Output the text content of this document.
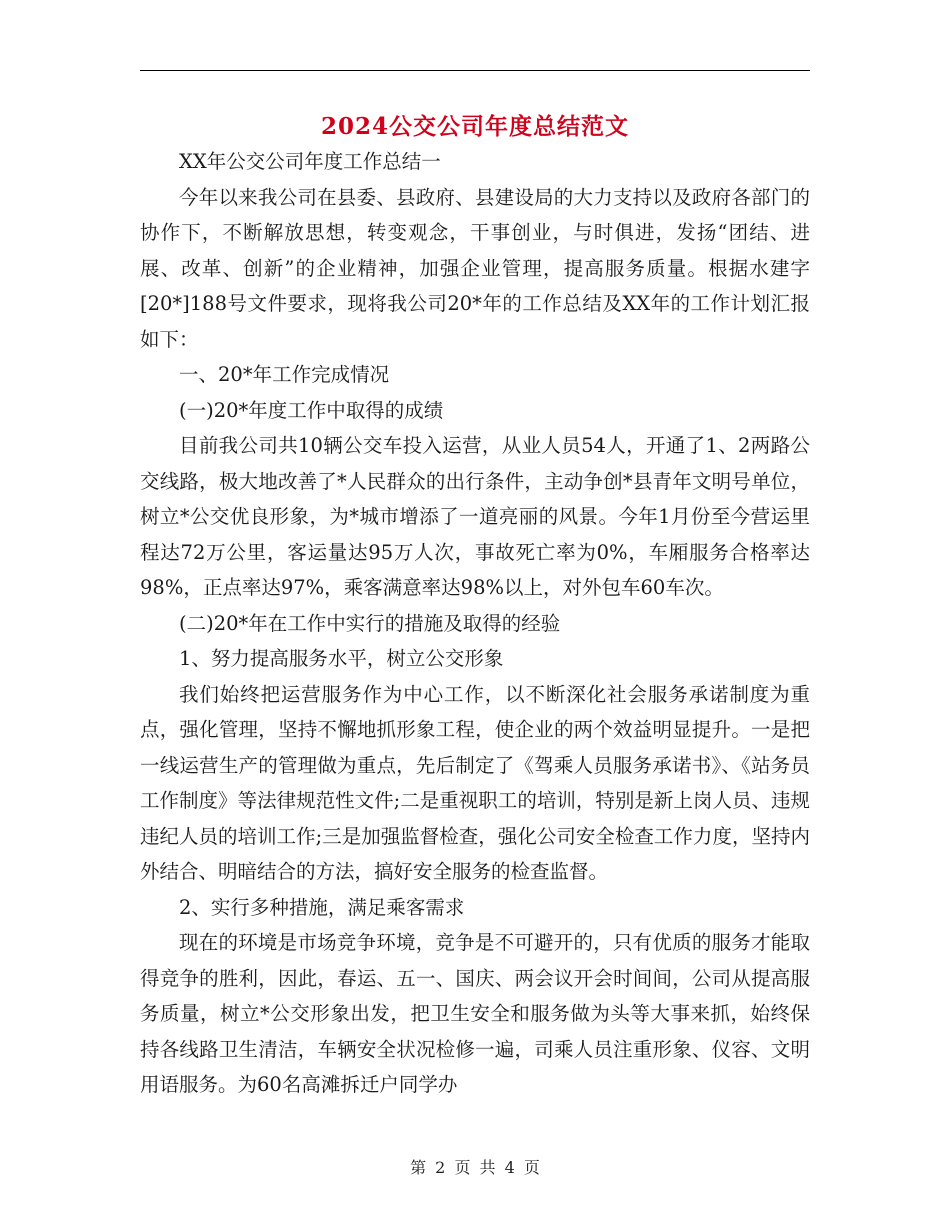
2024公交公司年度总结范文

XX年公交公司年度工作总结一

今年以来我公司在县委、县政府、县建设局的大力支持以及政府各部门的协作下，不断解放思想，转变观念，干事创业，与时俱进，发扬“团结、进展、改革、创新”的企业精神，加强企业管理，提高服务质量。根据水建字[20*]188号文件要求，现将我公司20*年的工作总结及XX年的工作计划汇报如下：

一、20*年工作完成情况

(一)20*年度工作中取得的成绩

目前我公司共10辆公交车投入运营，从业人员54人，开通了1、2两路公交线路，极大地改善了*人民群众的出行条件，主动争创*县青年文明号单位，树立*公交优良形象，为*城市增添了一道亮丽的风景。今年1月份至今营运里程达72万公里，客运量达95万人次，事故死亡率为0%，车厢服务合格率达98%，正点率达97%，乘客满意率达98%以上，对外包车60车次。

(二)20*年在工作中实行的措施及取得的经验

1、努力提高服务水平，树立公交形象

我们始终把运营服务作为中心工作，以不断深化社会服务承诺制度为重点，强化管理，坚持不懈地抓形象工程，使企业的两个效益明显提升。一是把一线运营生产的管理做为重点，先后制定了《驾乘人员服务承诺书》、《站务员工作制度》等法律规范性文件;二是重视职工的培训，特别是新上岗人员、违规违纪人员的培训工作;三是加强监督检查，强化公司安全检查工作力度，坚持内外结合、明暗结合的方法，搞好安全服务的检查监督。

2、实行多种措施，满足乘客需求

现在的环境是市场竞争环境，竞争是不可避开的，只有优质的服务才能取得竞争的胜利，因此，春运、五一、国庆、两会议开会时间间，公司从提高服务质量，树立*公交形象出发，把卫生安全和服务做为头等大事来抓，始终保持各线路卫生清洁，车辆安全状况检修一遍，司乘人员注重形象、仪容、文明用语服务。为60名高滩拆迁户同学办

第 2 页 共 4 页
